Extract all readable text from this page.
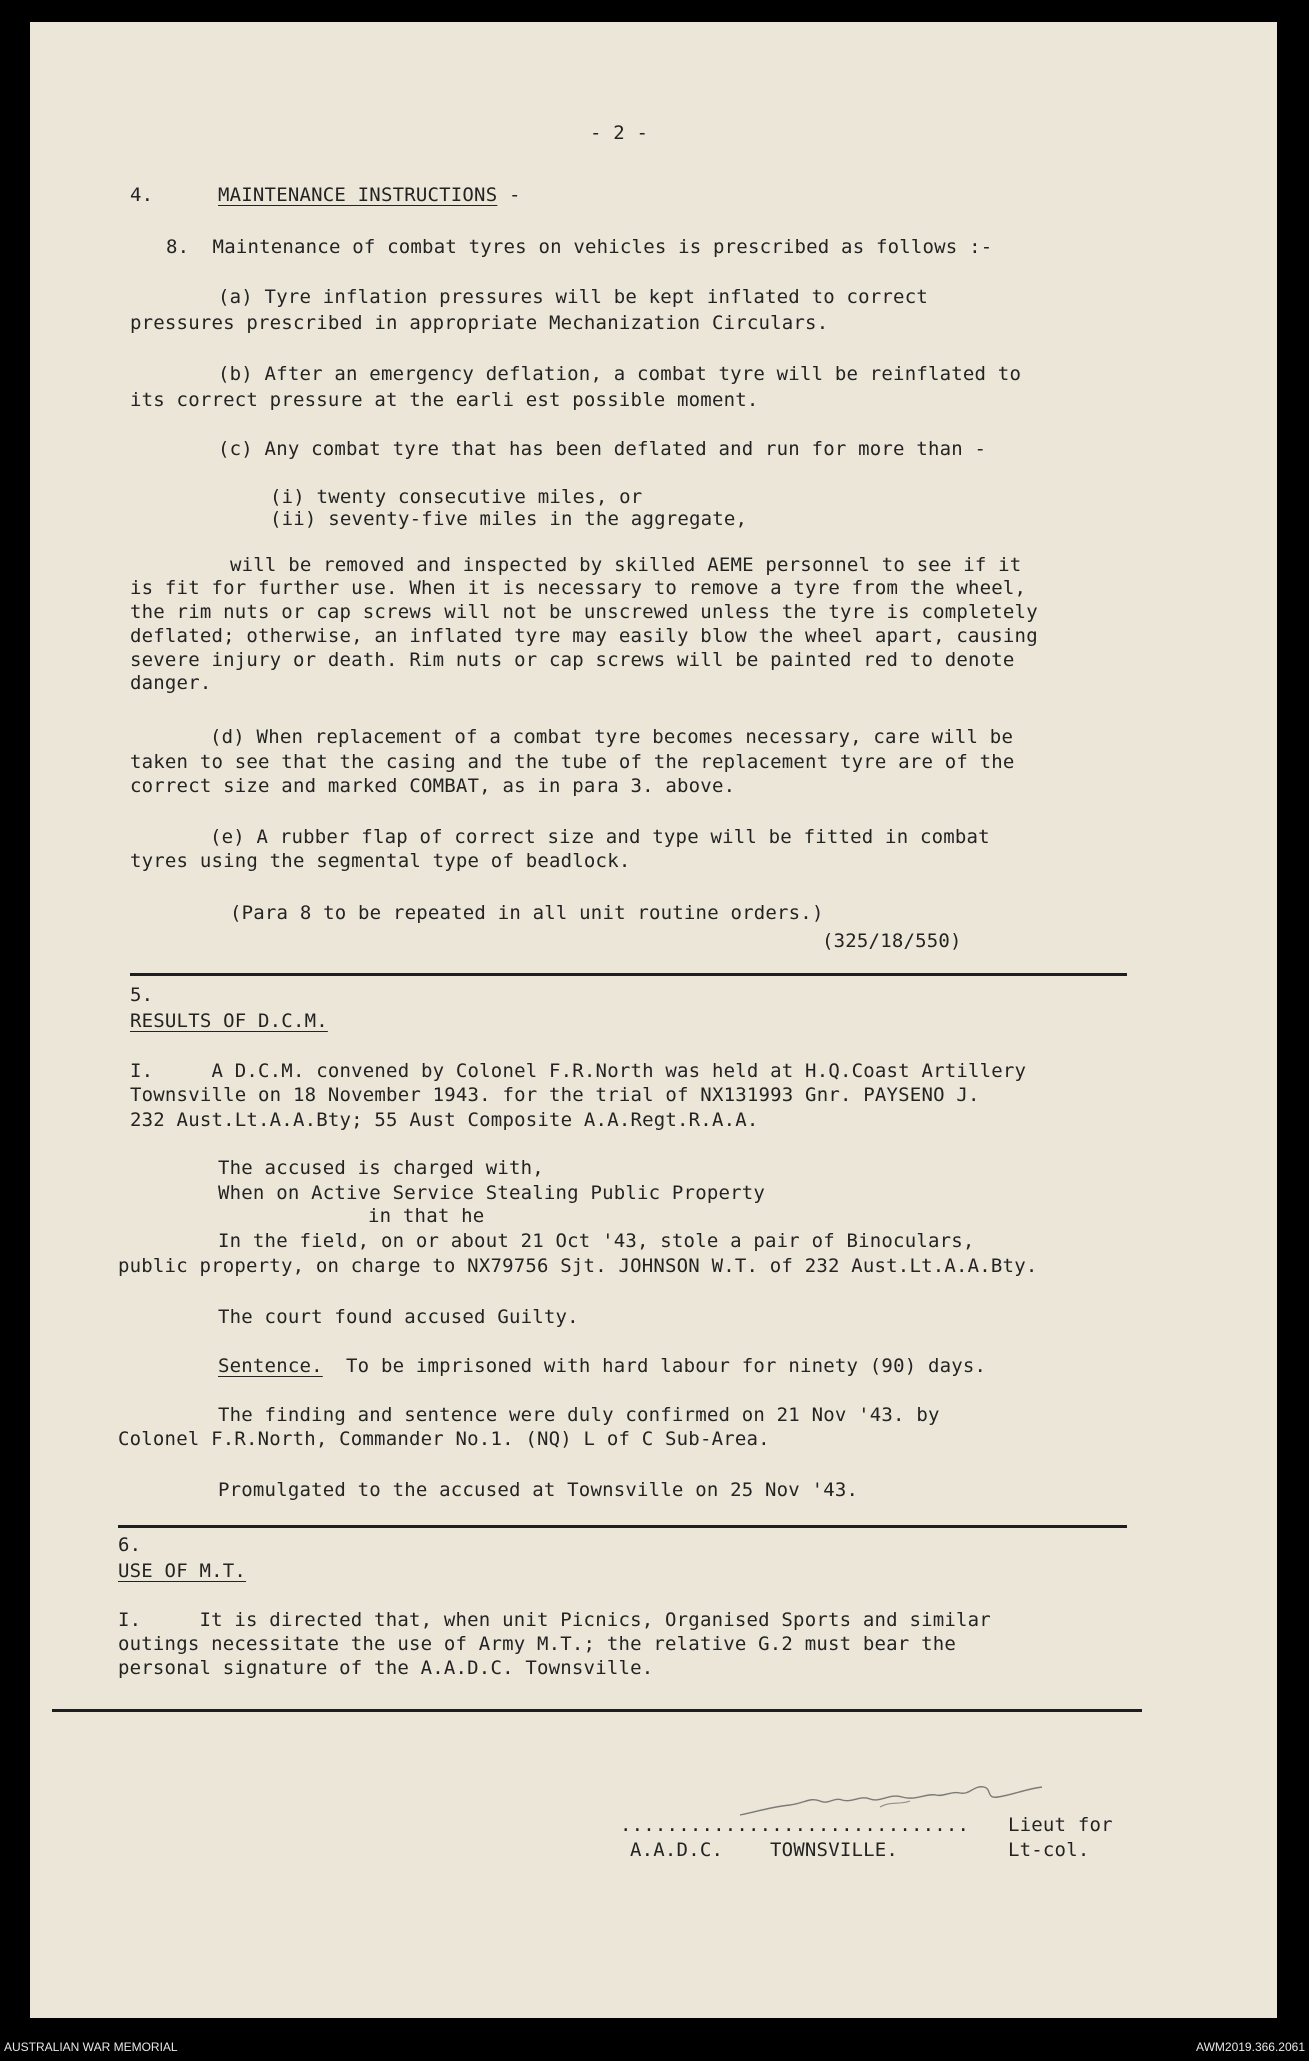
- 2 -
4.	MAINTENANCE INSTRUCTIONS -
8.  Maintenance of combat tyres on vehicles is prescribed as follows :-
(a) Tyre inflation pressures will be kept inflated to correct
pressures prescribed in appropriate Mechanization Circulars.
(b) After an emergency deflation, a combat tyre will be reinflated to
its correct pressure at the earli est possible moment.
(c) Any combat tyre that has been deflated and run for more than -
(i) twenty consecutive miles, or
(ii) seventy-five miles in the aggregate,
will be removed and inspected by skilled AEME personnel to see if it
is fit for further use. When it is necessary to remove a tyre from the wheel,
the rim nuts or cap screws will not be unscrewed unless the tyre is completely
deflated; otherwise, an inflated tyre may easily blow the wheel apart, causing
severe injury or death. Rim nuts or cap screws will be painted red to denote
danger.
(d) When replacement of a combat tyre becomes necessary, care will be
taken to see that the casing and the tube of the replacement tyre are of the
correct size and marked COMBAT, as in para 3. above.
(e) A rubber flap of correct size and type will be fitted in combat
tyres using the segmental type of beadlock.
(Para 8 to be repeated in all unit routine orders.)
(325/18/550)
5.
RESULTS OF D.C.M.
I.     A D.C.M. convened by Colonel F.R.North was held at H.Q.Coast Artillery
Townsville on 18 November 1943. for the trial of NX131993 Gnr. PAYSENO J.
232 Aust.Lt.A.A.Bty; 55 Aust Composite A.A.Regt.R.A.A.
The accused is charged with,
When on Active Service Stealing Public Property
in that he
In the field, on or about 21 Oct '43, stole a pair of Binoculars,
public property, on charge to NX79756 Sjt. JOHNSON W.T. of 232 Aust.Lt.A.A.Bty.
The court found accused Guilty.
Sentence.  To be imprisoned with hard labour for ninety (90) days.
The finding and sentence were duly confirmed on 21 Nov '43. by
Colonel F.R.North, Commander No.1. (NQ) L of C Sub-Area.
Promulgated to the accused at Townsville on 25 Nov '43.
6.
USE OF M.T.
I.     It is directed that, when unit Picnics, Organised Sports and similar
outings necessitate the use of Army M.T.; the relative G.2 must bear the
personal signature of the A.A.D.C. Townsville.
.............................. Lieut for
A.A.D.C. TOWNSVILLE.	Lt-col.
AUSTRALIAN WAR MEMORIAL	AWM2019.366.2061
